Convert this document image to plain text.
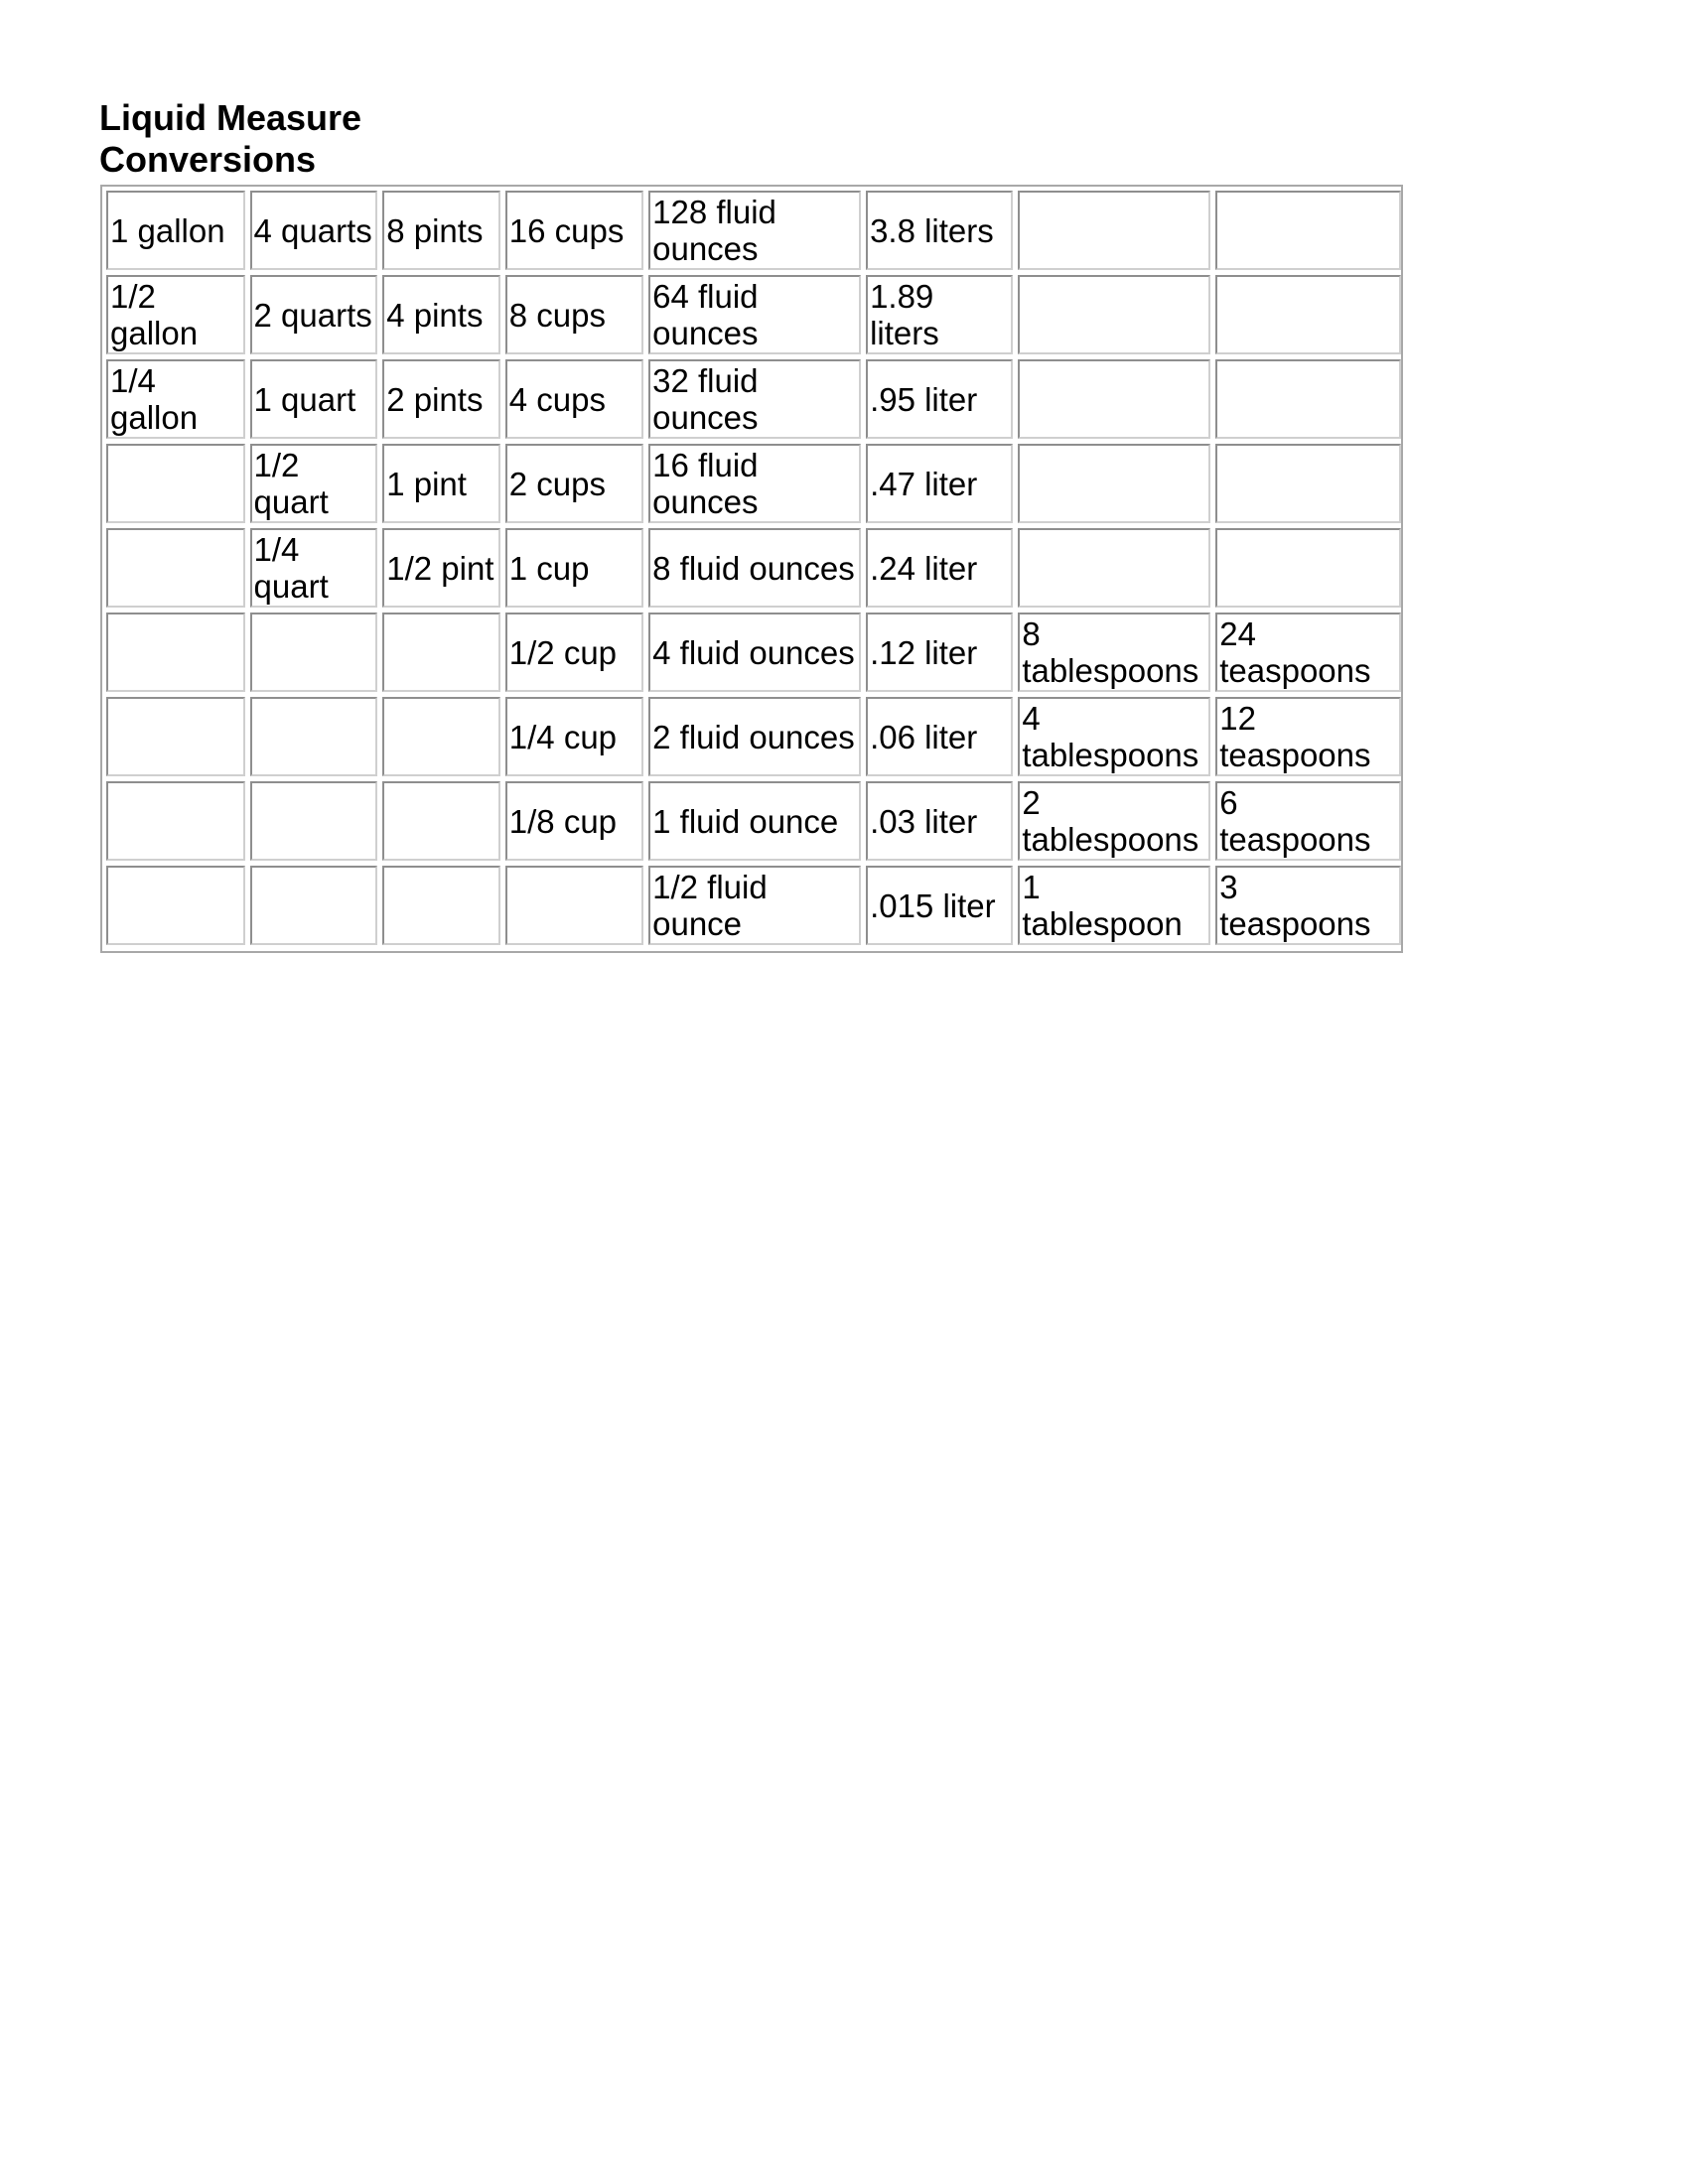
Liquid Measure
Conversions
1 gallon	4 quarts	8 pints	16 cups	128 fluid ounces	3.8 liters		
1/2 gallon	2 quarts	4 pints	8 cups	64 fluid ounces	1.89 liters		
1/4 gallon	1 quart	2 pints	4 cups	32 fluid ounces	.95 liter		
	1/2 quart	1 pint	2 cups	16 fluid ounces	.47 liter		
	1/4 quart	1/2 pint	1 cup	8 fluid ounces	.24 liter		
			1/2 cup	4 fluid ounces	.12 liter	8 tablespoons	24 teaspoons
			1/4 cup	2 fluid ounces	.06 liter	4 tablespoons	12 teaspoons
			1/8 cup	1 fluid ounce	.03 liter	2 tablespoons	6 teaspoons
				1/2 fluid ounce	.015 liter	1 tablespoon	3 teaspoons
